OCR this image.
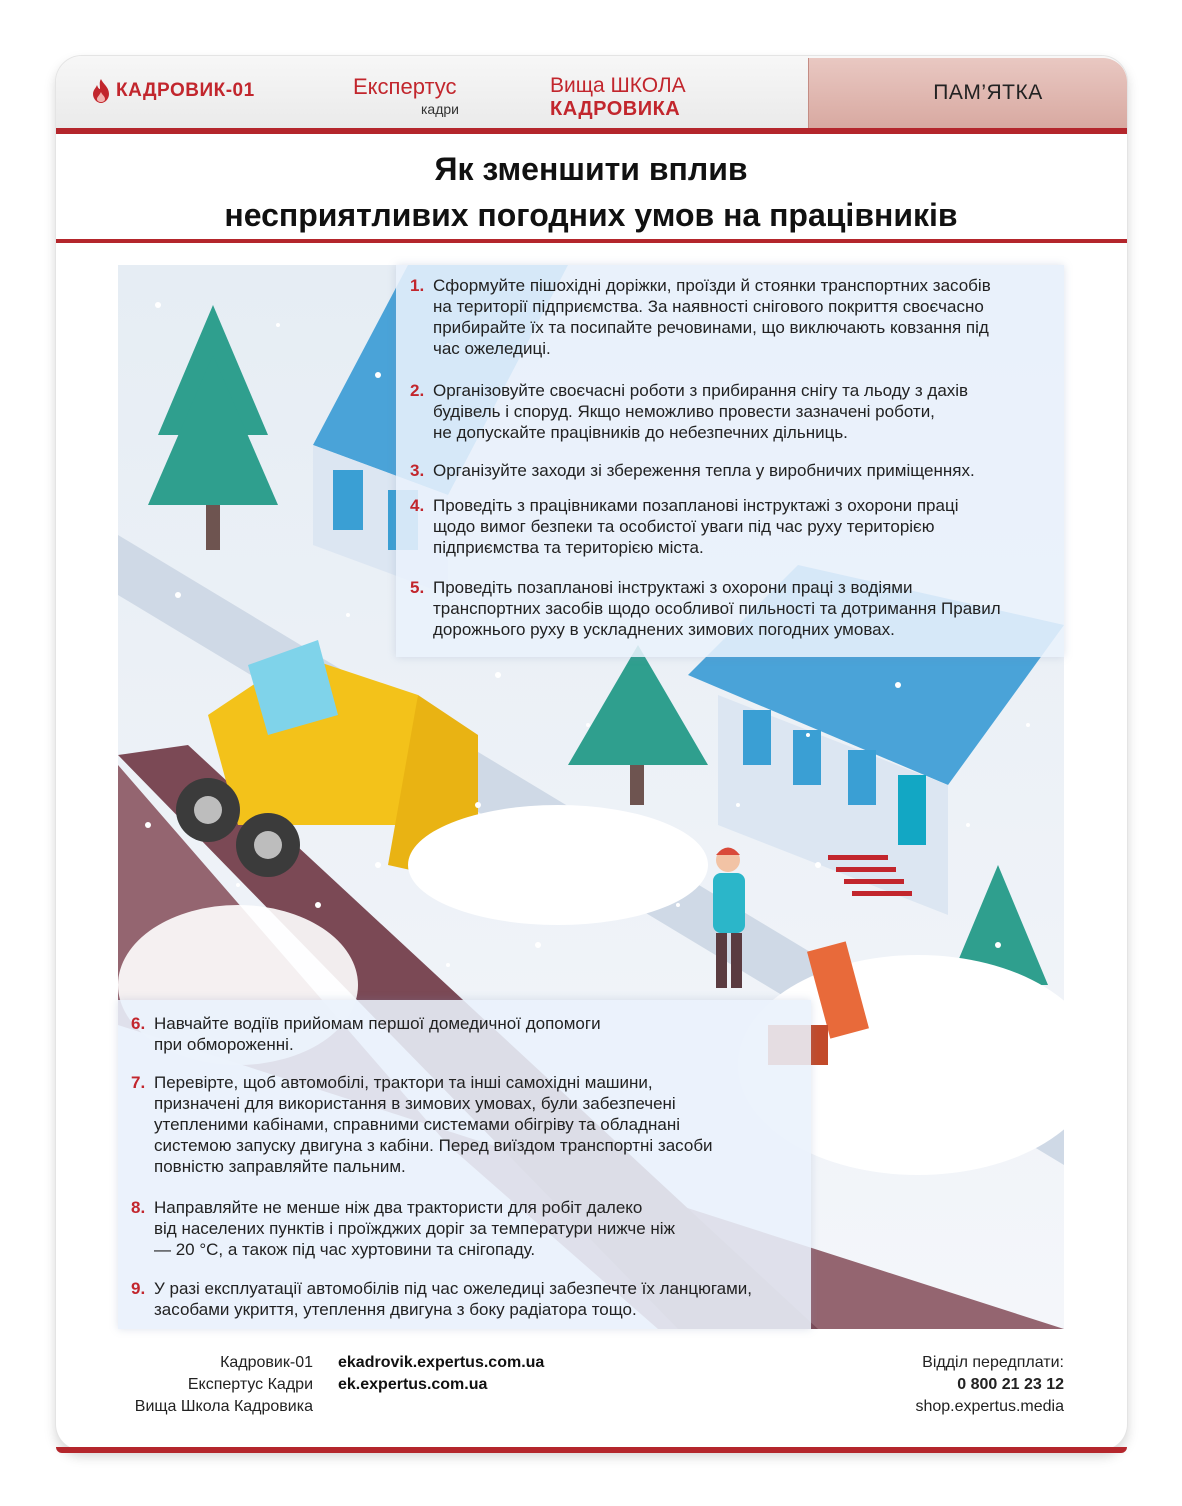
КАДРОВИК-01	Експертус
кадри
Вища ШКОЛА
КАДРОВИКА
ПАМ’ЯТКА
Як зменшити вплив
несприятливих погодних умов на працівників
1. Сформуйте пішохідні доріжки, проїзди й стоянки транспортних засобів
на території підприємства. За наявності снігового покриття своєчасно
прибирайте їх та посипайте речовинами, що виключають ковзання під
час ожеледиці.
2. Організовуйте своєчасні роботи з прибирання снігу та льоду з дахів
будівель і споруд. Якщо неможливо провести зазначені роботи,
не допускайте працівників до небезпечних дільниць.
3. Організуйте заходи зі збереження тепла у виробничих приміщеннях.
4. Проведіть з працівниками позапланові інструктажі з охорони праці
щодо вимог безпеки та особистої уваги під час руху територією
підприємства та територією міста.
5. Проведіть позапланові інструктажі з охорони праці з водіями
транспортних засобів щодо особливої пильності та дотримання Правил
дорожнього руху в ускладнених зимових погодних умовах.
6. Навчайте водіїв прийомам першої домедичної допомоги
при обмороженні.
7. Перевірте, щоб автомобілі, трактори та інші самохідні машини,
призначені для використання в зимових умовах, були забезпечені
утепленими кабінами, справними системами обігріву та обладнані
системою запуску двигуна з кабіни. Перед виїздом транспортні засоби
повністю заправляйте пальним.
8. Направляйте не менше ніж два трактористи для робіт далеко
від населених пунктів і проїжджих доріг за температури нижче ніж
— 20 °С, а також під час хуртовини та снігопаду.
9. У разі експлуатації автомобілів під час ожеледиці забезпечте їх ланцюгами,
засобами укриття, утеплення двигуна з боку радіатора тощо.
Кадровик-01
Експертус Кадри
Вища Школа Кадровика
ekadrovik.expertus.com.ua
ek.expertus.com.ua
Відділ передплати:
0 800 21 23 12
shop.expertus.media
